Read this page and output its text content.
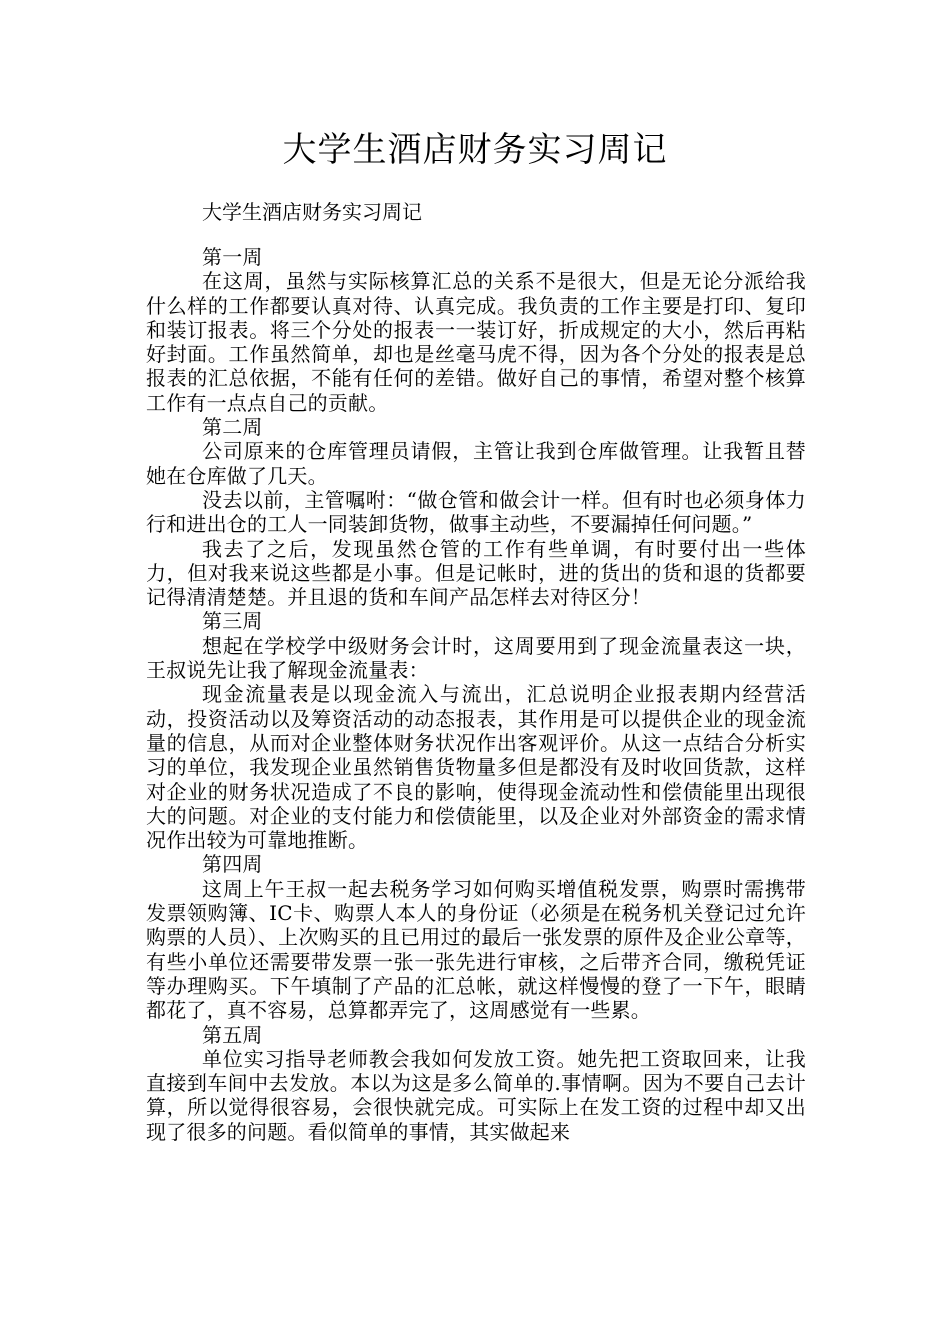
大学生酒店财务实习周记
大学生酒店财务实习周记

第一周

在这周，虽然与实际核算汇总的关系不是很大，但是无论分派给我什么样的工作都要认真对待、认真完成。我负责的工作主要是打印、复印和装订报表。将三个分处的报表一一装订好，折成规定的大小，然后再粘好封面。工作虽然简单，却也是丝毫马虎不得，因为各个分处的报表是总报表的汇总依据，不能有任何的差错。做好自己的事情，希望对整个核算工作有一点点自己的贡献。

第二周

公司原来的仓库管理员请假，主管让我到仓库做管理。让我暂且替她在仓库做了几天。

没去以前，主管嘱咐：“做仓管和做会计一样。但有时也必须身体力行和进出仓的工人一同装卸货物，做事主动些，不要漏掉任何问题。”

我去了之后，发现虽然仓管的工作有些单调，有时要付出一些体力，但对我来说这些都是小事。但是记帐时，进的货出的货和退的货都要记得清清楚楚。并且退的货和车间产品怎样去对待区分！

第三周

想起在学校学中级财务会计时，这周要用到了现金流量表这一块，王叔说先让我了解现金流量表：

现金流量表是以现金流入与流出，汇总说明企业报表期内经营活动，投资活动以及筹资活动的动态报表，其作用是可以提供企业的现金流量的信息，从而对企业整体财务状况作出客观评价。从这一点结合分析实习的单位，我发现企业虽然销售货物量多但是都没有及时收回货款，这样对企业的财务状况造成了不良的影响，使得现金流动性和偿债能里出现很大的问题。对企业的支付能力和偿债能里，以及企业对外部资金的需求情况作出较为可靠地推断。

第四周

这周上午王叔一起去税务学习如何购买增值税发票，购票时需携带发票领购簿、IC卡、购票人本人的身份证（必须是在税务机关登记过允许购票的人员）、上次购买的且已用过的最后一张发票的原件及企业公章等，有些小单位还需要带发票一张一张先进行审核，之后带齐合同，缴税凭证等办理购买。下午填制了产品的汇总帐，就这样慢慢的登了一下午，眼睛都花了，真不容易，总算都弄完了，这周感觉有一些累。

第五周

单位实习指导老师教会我如何发放工资。她先把工资取回来，让我直接到车间中去发放。本以为这是多么简单的.事情啊。因为不要自己去计算，所以觉得很容易，会很快就完成。可实际上在发工资的过程中却又出现了很多的问题。看似简单的事情，其实做起来
